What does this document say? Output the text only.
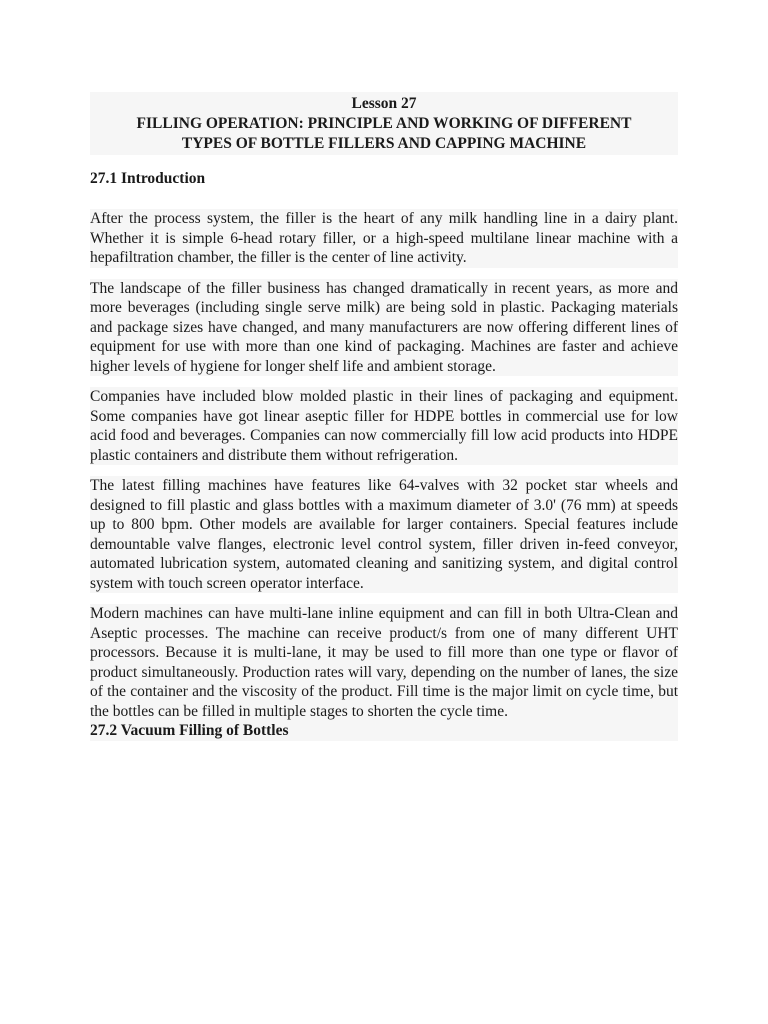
Lesson 27
FILLING OPERATION: PRINCIPLE AND WORKING OF DIFFERENT
TYPES OF BOTTLE FILLERS AND CAPPING MACHINE
27.1 Introduction

After the process system, the filler is the heart of any milk handling line in a dairy plant. Whether it is simple 6-head rotary filler, or a high-speed multilane linear machine with a hepafiltration chamber, the filler is the center of line activity.

The landscape of the filler business has changed dramatically in recent years, as more and more beverages (including single serve milk) are being sold in plastic. Packaging materials and package sizes have changed, and many manufacturers are now offering different lines of equipment for use with more than one kind of packaging. Machines are faster and achieve higher levels of hygiene for longer shelf life and ambient storage.

Companies have included blow molded plastic in their lines of packaging and equipment. Some companies have got linear aseptic filler for HDPE bottles in commercial use for low acid food and beverages. Companies can now commercially fill low acid products into HDPE plastic containers and distribute them without refrigeration.

The latest filling machines have features like 64-valves with 32 pocket star wheels and designed to fill plastic and glass bottles with a maximum diameter of 3.0' (76 mm) at speeds up to 800 bpm. Other models are available for larger containers. Special features include demountable valve flanges, electronic level control system, filler driven in-feed conveyor, automated lubrication system, automated cleaning and sanitizing system, and digital control system with touch screen operator interface.

Modern machines can have multi-lane inline equipment and can fill in both Ultra-Clean and Aseptic processes. The machine can receive product/s from one of many different UHT processors. Because it is multi-lane, it may be used to fill more than one type or flavor of product simultaneously. Production rates will vary, depending on the number of lanes, the size of the container and the viscosity of the product. Fill time is the major limit on cycle time, but the bottles can be filled in multiple stages to shorten the cycle time.

27.2 Vacuum Filling of Bottles
